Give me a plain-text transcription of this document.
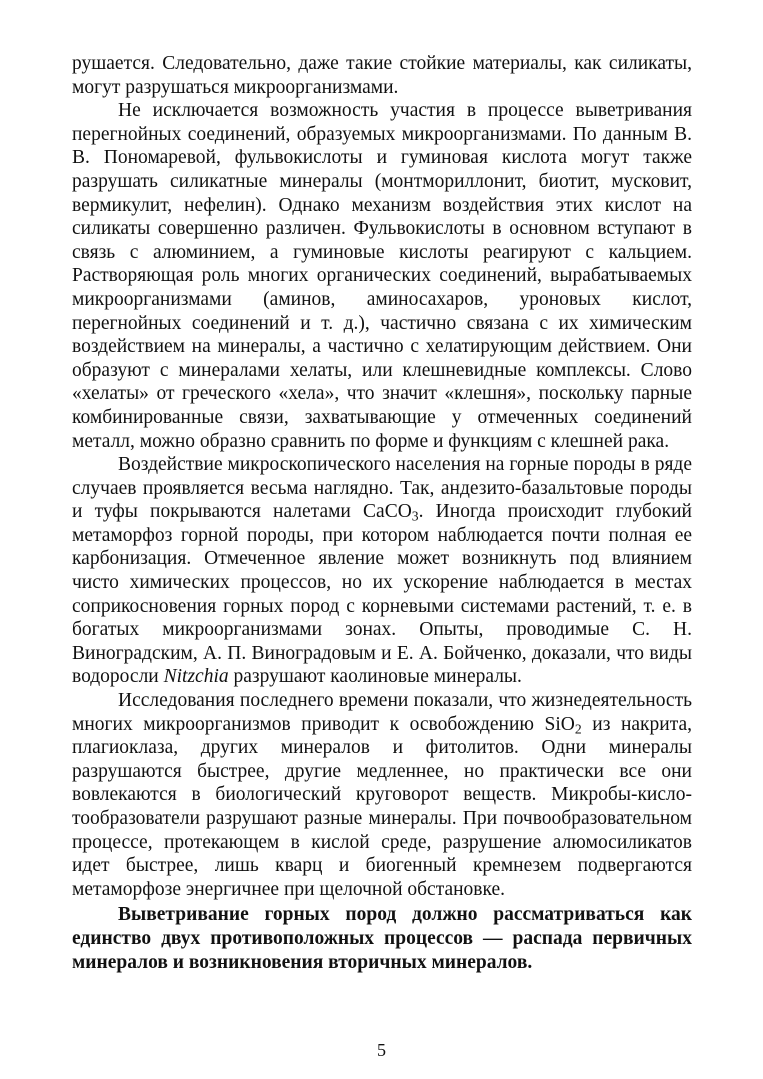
рушается. Следовательно, даже такие стойкие материалы, как силикаты, могут разрушаться микроорганизмами.

Не исключается возможность участия в процессе выветривания перегнойных соединений, образуемых микроорганизмами. По данным В. В. Пономаревой, фульвокислоты и гуминовая кислота могут также разрушать силикатные минералы (монтмориллонит, биотит, мусковит, вермикулит, нефелин). Однако механизм воздействия этих кислот на силикаты совершенно различен. Фульвокислоты в основном вступают в связь с алюминием, а гуминовые кислоты реагируют с кальцием. Растворяющая роль многих органических соединений, вырабатываемых микроорганизмами (аминов, аминосахаров, уроновых кислот, перегнойных соединений и т. д.), частично связана с их химическим воздействием на минералы, а частично с хелатирующим действием. Они образуют с минералами хелаты, или клешневидные комплексы. Слово «хелаты» от греческого «хела», что значит «клешня», поскольку парные комбинированные связи, захватывающие у отмеченных соединений металл, можно образно сравнить по форме и функциям с клешней рака.

Воздействие микроскопического населения на горные породы в ряде случаев проявляется весьма наглядно. Так, андезито-базальтовые породы и туфы покрываются налетами CaCO$_3$. Иногда происходит глубокий метаморфоз горной породы, при котором наблюдается почти полная ее карбонизация. Отмеченное явление может возникнуть под влиянием чисто химических процессов, но их ускорение наблюдается в местах соприкосновения горных пород с корневыми системами растений, т. е. в богатых микроорганизмами зонах. Опыты, проводимые С. Н. Виноградским, А. П. Виноградовым и Е. А. Бойченко, доказали, что виды водоросли Nitzchia разрушают каолиновые минералы.

Исследования последнего времени показали, что жизнедеятельность многих микроорганизмов приводит к освобождению SiO$_2$ из накрита, плагиоклаза, других минералов и фитолитов. Одни минералы разрушаются быстрее, другие медленнее, но практически все они вовлекаются в биологический круговорот веществ. Микробы-кислотообразователи разрушают разные минералы. При почвообразовательном процессе, протекающем в кислой среде, разрушение алюмосиликатов идет быстрее, лишь кварц и биогенный кремнезем подвергаются метаморфозе энергичнее при щелочной обстановке.

Выветривание горных пород должно рассматриваться как единство двух противоположных процессов — распада первичных минералов и возникновения вторичных минералов.

5
